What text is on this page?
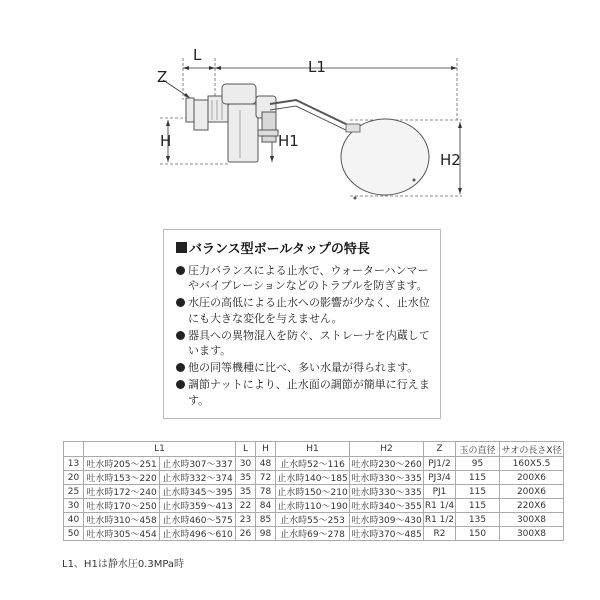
Z
L
L1
H	H1
H2
バランス型ボールタップの特長
圧力バランスによる止水で、ウォーターハンマーやバイブレーションなどのトラブルを防ぎます。
水圧の高低による止水への影響が少なく、止水位にも大きな変化を与えません。
器具への異物混入を防ぐ、ストレーナを内蔵しています。
他の同等機種に比べ、多い水量が得られます。
調節ナットにより、止水面の調節が簡単に行えます。
	L1		L	H	H1	H2	Z	玉の直径	サオの長さX径
13	吐水時205～251	止水時307～337	30	48	止水時52～116	吐水時230～260	PJ1/2	95	160X5.5
20	吐水時153～220	止水時332～374	35	72	止水時140～185	吐水時330～335	PJ3/4	115	200X6
25	吐水時172～240	止水時345～395	35	78	止水時150～210	吐水時330～335	PJ1	115	200X6
30	吐水時170～250	止水時359～413	22	84	止水時110～190	吐水時340～355	R1 1/4	115	220X6
40	吐水時310～458	止水時460～575	23	85	止水時55～253	吐水時309～430	R1 1/2	135	300X8
50	吐水時305～454	止水時496～610	26	98	止水時69～278	吐水時370～485	R2	150	300X8
L1、H1は静水圧0.3MPa時
